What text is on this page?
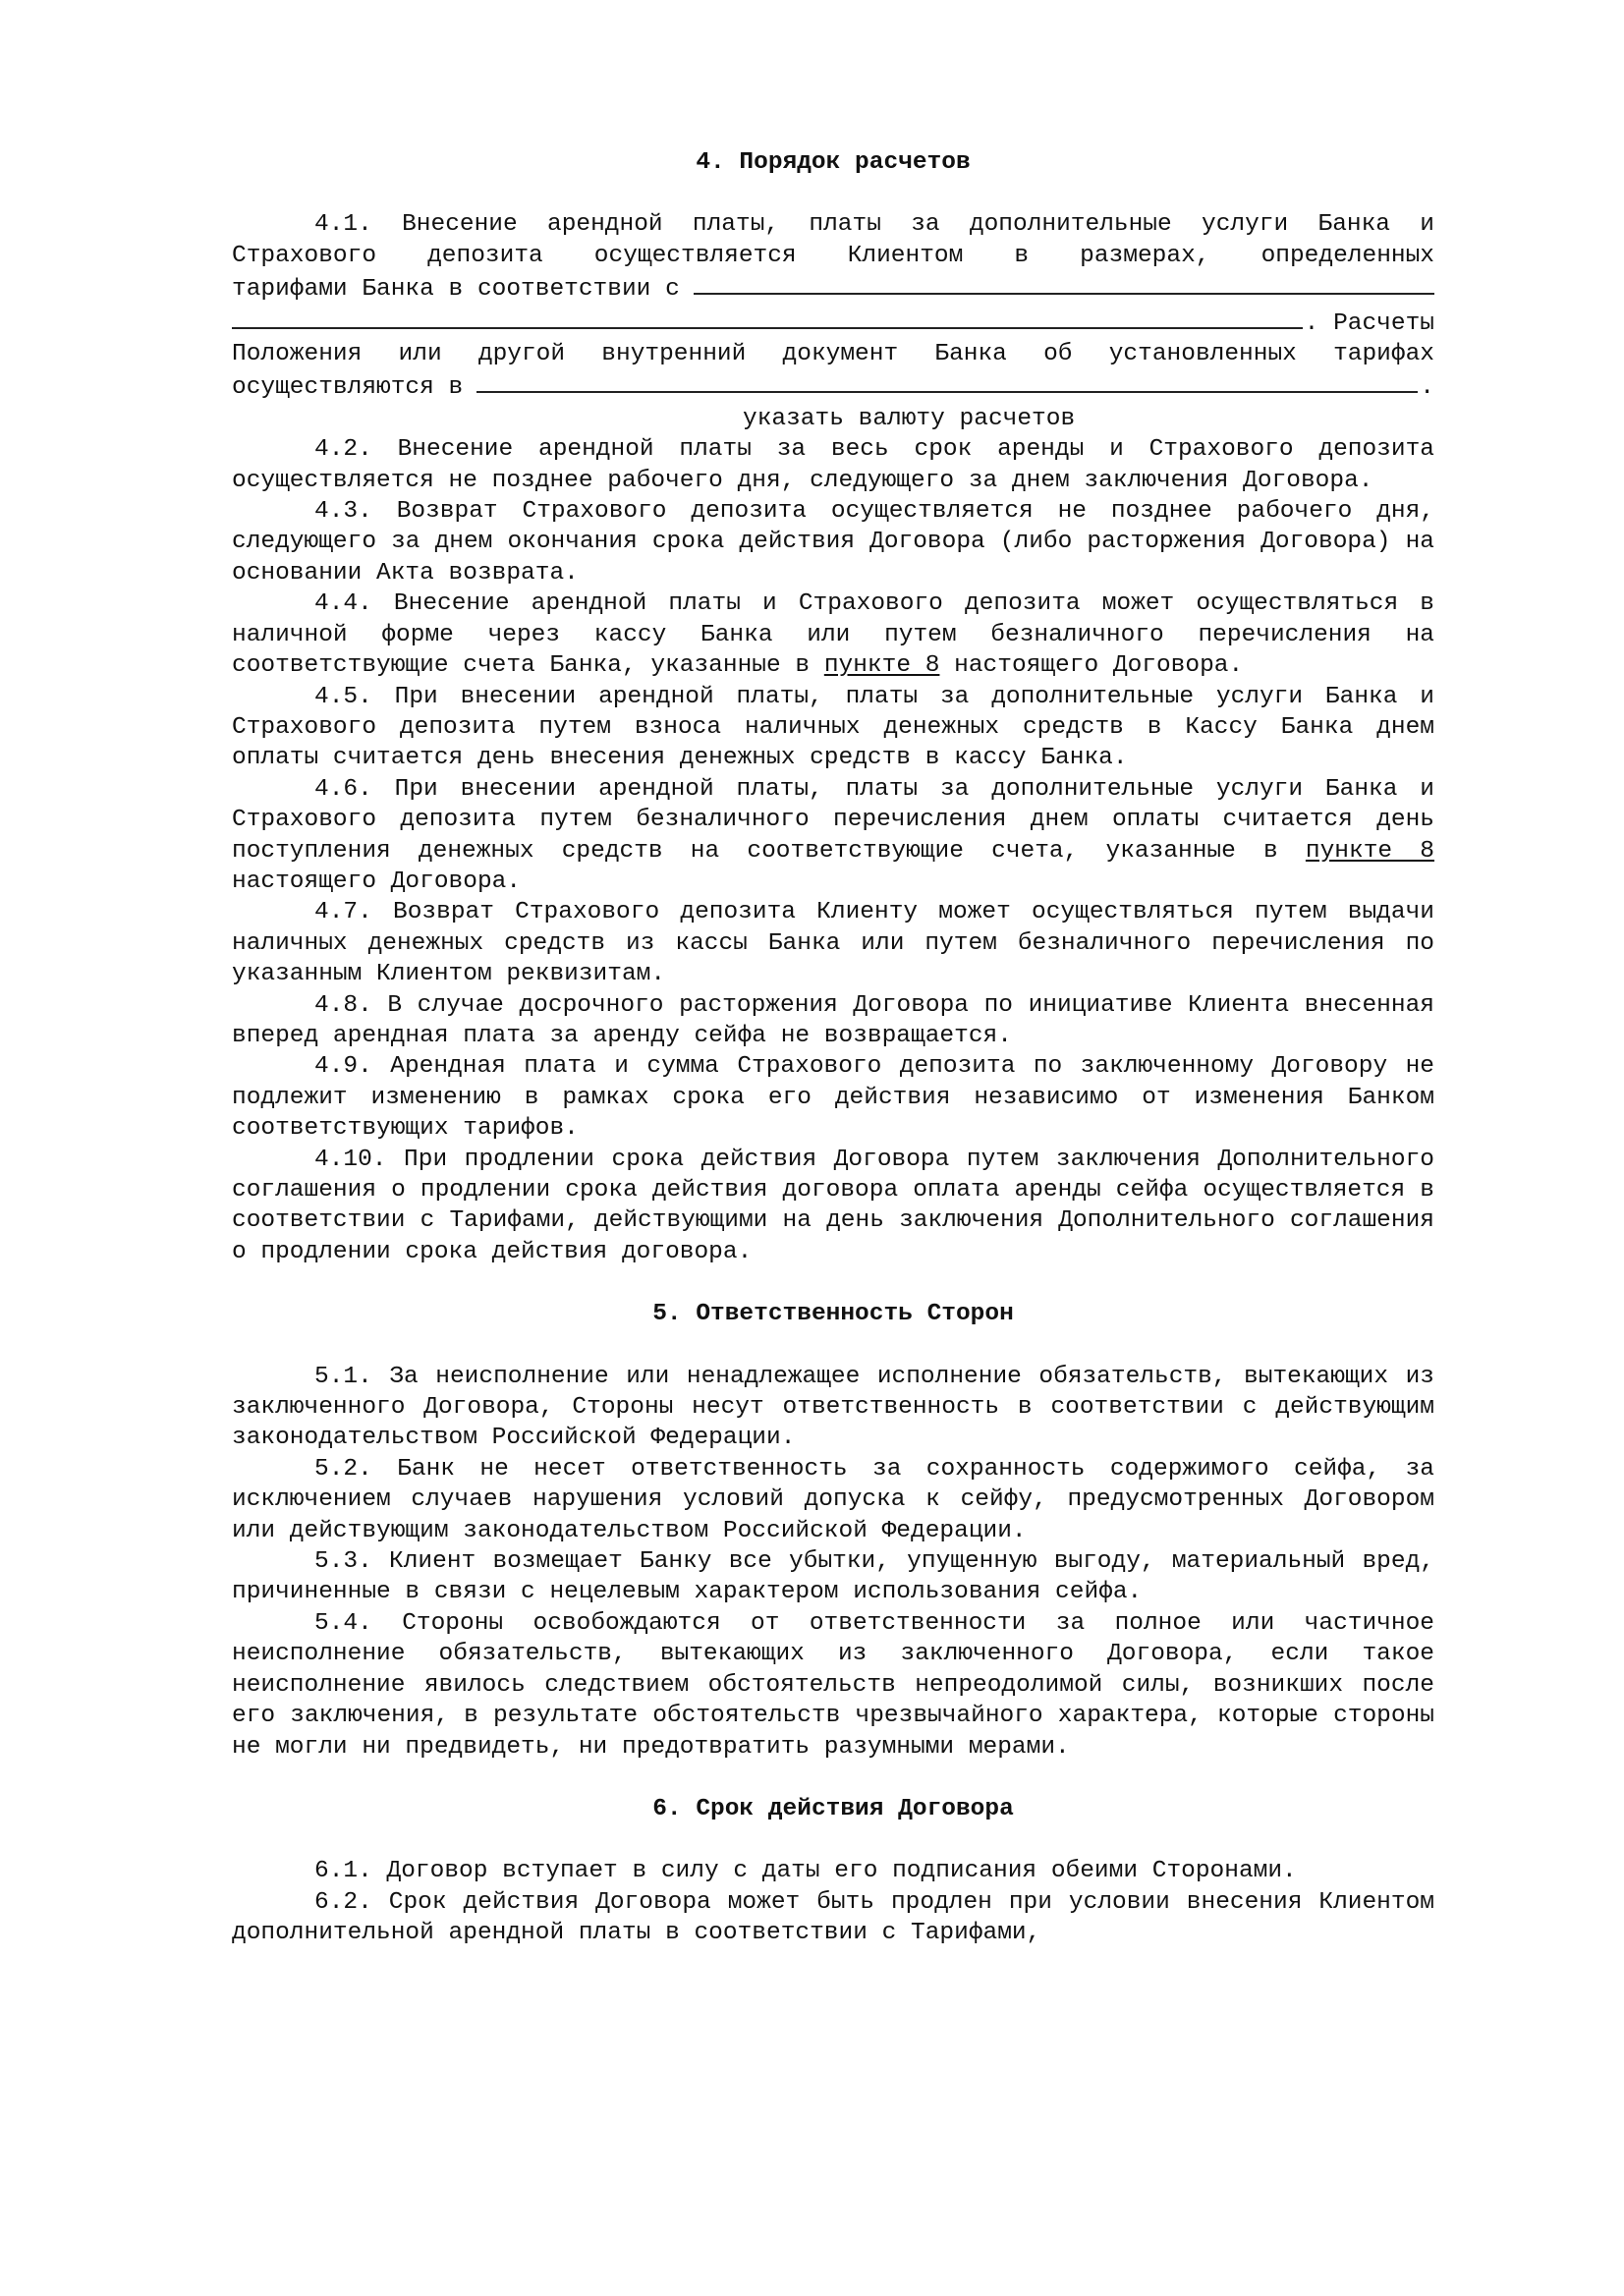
4. Порядок расчетов

4.1. Внесение арендной платы, платы за дополнительные услуги Банка и

Страхового депозита осуществляется Клиентом в размерах, определенных

тарифами Банка в соответствии с
. Расчеты

Положения или другой внутренний документ Банка об установленных тарифах

осуществляются в	.

указать валюту расчетов

4.2. Внесение арендной платы за весь срок аренды и Страхового депозита осуществляется не позднее рабочего дня, следующего за днем заключения Договора.

4.3. Возврат Страхового депозита осуществляется не позднее рабочего дня, следующего за днем окончания срока действия Договора (либо расторжения Договора) на основании Акта возврата.

4.4. Внесение арендной платы и Страхового депозита может осуществляться в наличной форме через кассу Банка или путем безналичного перечисления на соответствующие счета Банка, указанные в пункте 8 настоящего Договора.

4.5. При внесении арендной платы, платы за дополнительные услуги Банка и Страхового депозита путем взноса наличных денежных средств в Кассу Банка днем оплаты считается день внесения денежных средств в кассу Банка.

4.6. При внесении арендной платы, платы за дополнительные услуги Банка и Страхового депозита путем безналичного перечисления днем оплаты считается день поступления денежных средств на соответствующие счета, указанные в пункте 8 настоящего Договора.

4.7. Возврат Страхового депозита Клиенту может осуществляться путем выдачи наличных денежных средств из кассы Банка или путем безналичного перечисления по указанным Клиентом реквизитам.

4.8. В случае досрочного расторжения Договора по инициативе Клиента внесенная вперед арендная плата за аренду сейфа не возвращается.

4.9. Арендная плата и сумма Страхового депозита по заключенному Договору не подлежит изменению в рамках срока его действия независимо от изменения Банком соответствующих тарифов.

4.10. При продлении срока действия Договора путем заключения Дополнительного соглашения о продлении срока действия договора оплата аренды сейфа осуществляется в соответствии с Тарифами, действующими на день заключения Дополнительного соглашения о продлении срока действия договора.

5. Ответственность Сторон

5.1. За неисполнение или ненадлежащее исполнение обязательств, вытекающих из заключенного Договора, Стороны несут ответственность в соответствии с действующим законодательством Российской Федерации.

5.2. Банк не несет ответственность за сохранность содержимого сейфа, за исключением случаев нарушения условий допуска к сейфу, предусмотренных Договором или действующим законодательством Российской Федерации.

5.3. Клиент возмещает Банку все убытки, упущенную выгоду, материальный вред, причиненные в связи с нецелевым характером использования сейфа.

5.4. Стороны освобождаются от ответственности за полное или частичное неисполнение обязательств, вытекающих из заключенного Договора, если такое неисполнение явилось следствием обстоятельств непреодолимой силы, возникших после его заключения, в результате обстоятельств чрезвычайного характера, которые стороны не могли ни предвидеть, ни предотвратить разумными мерами.

6. Срок действия Договора

6.1. Договор вступает в силу с даты его подписания обеими Сторонами.

6.2. Срок действия Договора может быть продлен при условии внесения Клиентом дополнительной арендной платы в соответствии с Тарифами,
